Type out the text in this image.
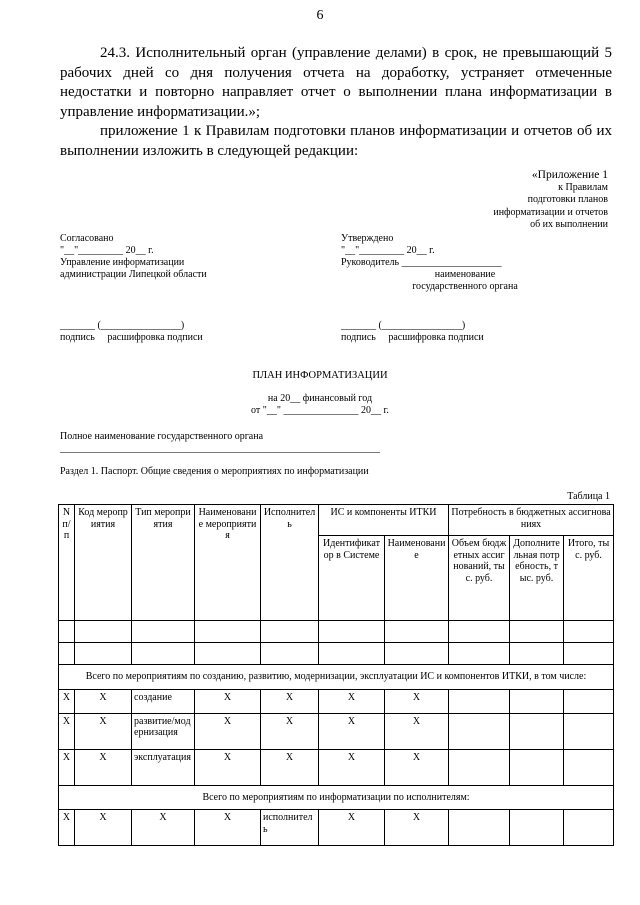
6

24.3. Исполнительный орган (управление делами) в срок, не превышающий 5 рабочих дней со дня получения отчета на доработку, устраняет отмеченные недостатки и повторно направляет отчет о выполнении плана информатизации в управление информатизации.»;

приложение 1 к Правилам подготовки планов информатизации и отчетов об их выполнении изложить в следующей редакции:

«Приложение 1
к Правилам
подготовки планов
информатизации и отчетов
об их выполнении
Согласовано
"__"_________ 20__ г.
Управление информатизации
администрации Липецкой области
_______ (________________)
подпись     расшифровка подписи
Утверждено
"__"_________ 20__ г.
Руководитель ____________________
наименование
государственного органа
_______ (________________)
подпись     расшифровка подписи
ПЛАН ИНФОРМАТИЗАЦИИ
на 20__ финансовый год
от "__" _______________ 20__ г.
Полное наименование государственного органа
________________________________________________________________
Раздел 1. Паспорт. Общие сведения о мероприятиях по информатизации
Таблица 1
N п/п	Код мероприятия	Тип мероприятия	Наименование мероприятия	Исполнитель	ИС и компоненты ИТКИ		Потребность в бюджетных ассигнованиях		
							Объем бюджетных ассигнований, тыс. руб.	Дополнительная потребность, тыс. руб.	Итого, тыс. руб.
					Идентификатор в Системе	Наименование			

Всего по мероприятиям по созданию, развитию, модернизации, эксплуатации ИС и компонентов ИТКИ, в том числе:									
X	X	создание	X	X	X	X			
X	X	развитие/модернизация	X	X	X	X			
X	X	эксплуатация	X	X	X	X			
Всего по мероприятиям по информатизации по исполнителям:									
X	X	X	X	исполнитель	X	X			
